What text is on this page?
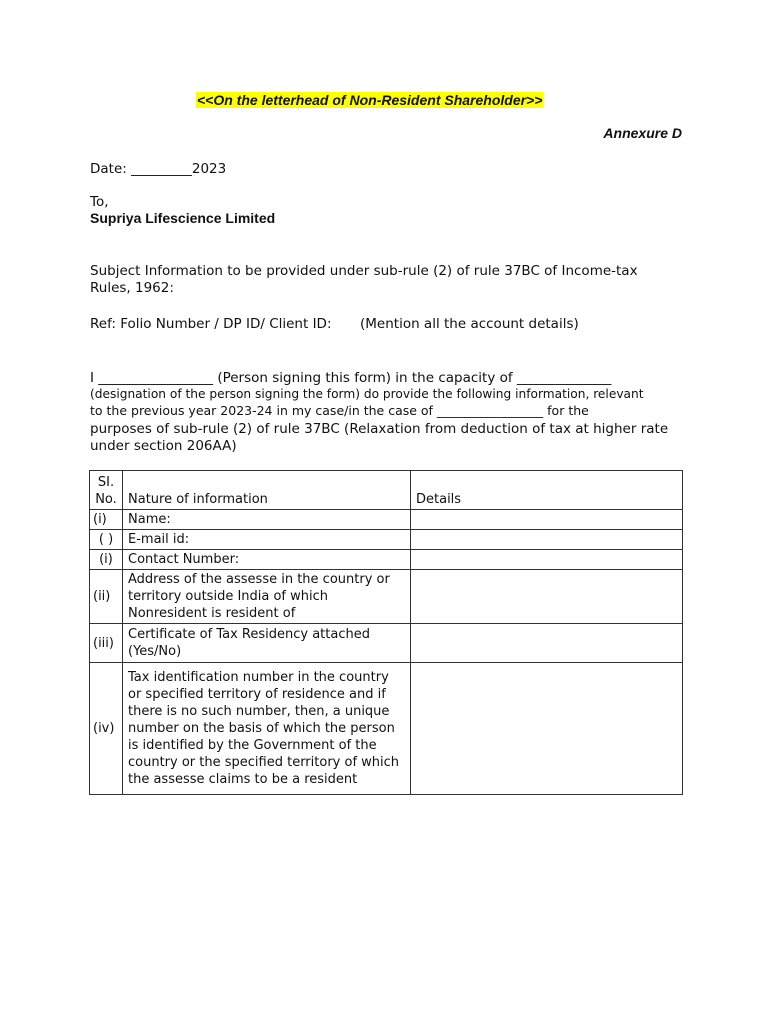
<<On the letterhead of Non-Resident Shareholder>>
Annexure D
Date: _________2023
To,
Supriya Lifescience Limited
Subject Information to be provided under sub-rule (2) of rule 37BC of Income-tax Rules, 1962:
Ref: Folio Number / DP ID/ Client ID: (Mention all the account details)
I _________________ (Person signing this form) in the capacity of ______________
(designation of the person signing the form) do provide the following information, relevant
to the previous year 2023-24 in my case/in the case of _________________ for the
purposes of sub-rule (2) of rule 37BC (Relaxation from deduction of tax at higher rate
under section 206AA)
SI. No.	Nature of information	Details
(i)	Name:	
( )	E-mail id:	
(i)	Contact Number:	
(ii)	Address of the assesse in the country or territory outside India of which Nonresident is resident of	
(iii)	Certificate of Tax Residency attached (Yes/No)	
(iv)	Tax identification number in the country or specified territory of residence and if there is no such number, then, a unique number on the basis of which the person is identified by the Government of the country or the specified territory of which the assesse claims to be a resident	
